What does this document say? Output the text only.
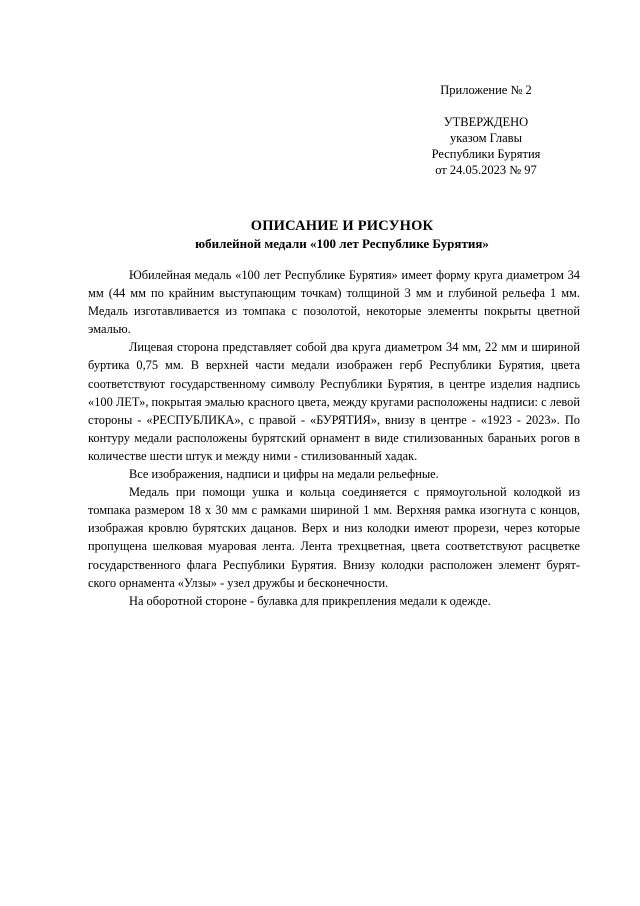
Приложение № 2
УТВЕРЖДЕНО
указом Главы
Республики Бурятия
от 24.05.2023 № 97
ОПИСАНИЕ И РИСУНОК
юбилейной медали «100 лет Республике Бурятия»

Юбилейная медаль «100 лет Республике Бурятия» имеет форму круга диаметром 34 мм (44 мм по крайним выступающим точкам) толщиной 3 мм и глубиной рельефа 1 мм. Медаль изготавливается из томпака с позолотой, некоторые элементы покрыты цветной эмалью.

Лицевая сторона представляет собой два круга диаметром 34 мм, 22 мм и шириной буртика 0,75 мм. В верхней части медали изображен герб Республики Бурятия, цвета соответствуют государственному символу Республики Бурятия, в центре изделия надпись «100 ЛЕТ», покрытая эмалью красного цвета, между кругами расположены надписи: с левой стороны - «РЕСПУБЛИКА», с правой - «БУРЯТИЯ», внизу в центре - «1923 - 2023». По контуру медали расположены бурятский орнамент в виде стилизованных бараньих рогов в количестве шести штук и между ними - стилизованный хадак.

Все изображения, надписи и цифры на медали рельефные.

Медаль при помощи ушка и кольца соединяется с прямоугольной колодкой из томпака размером 18 х 30 мм с рамками шириной 1 мм. Верхняя рамка изогнута с концов, изображая кровлю бурятских дацанов. Верх и низ колодки имеют прорези, через которые пропущена шелковая муаровая лента. Лента трехцветная, цвета соответствуют расцветке государственного флага Республики Бурятия. Внизу колодки расположен элемент бурятского орнамента «Улзы» - узел дружбы и бесконечности.

На оборотной стороне - булавка для прикрепления медали к одежде.
